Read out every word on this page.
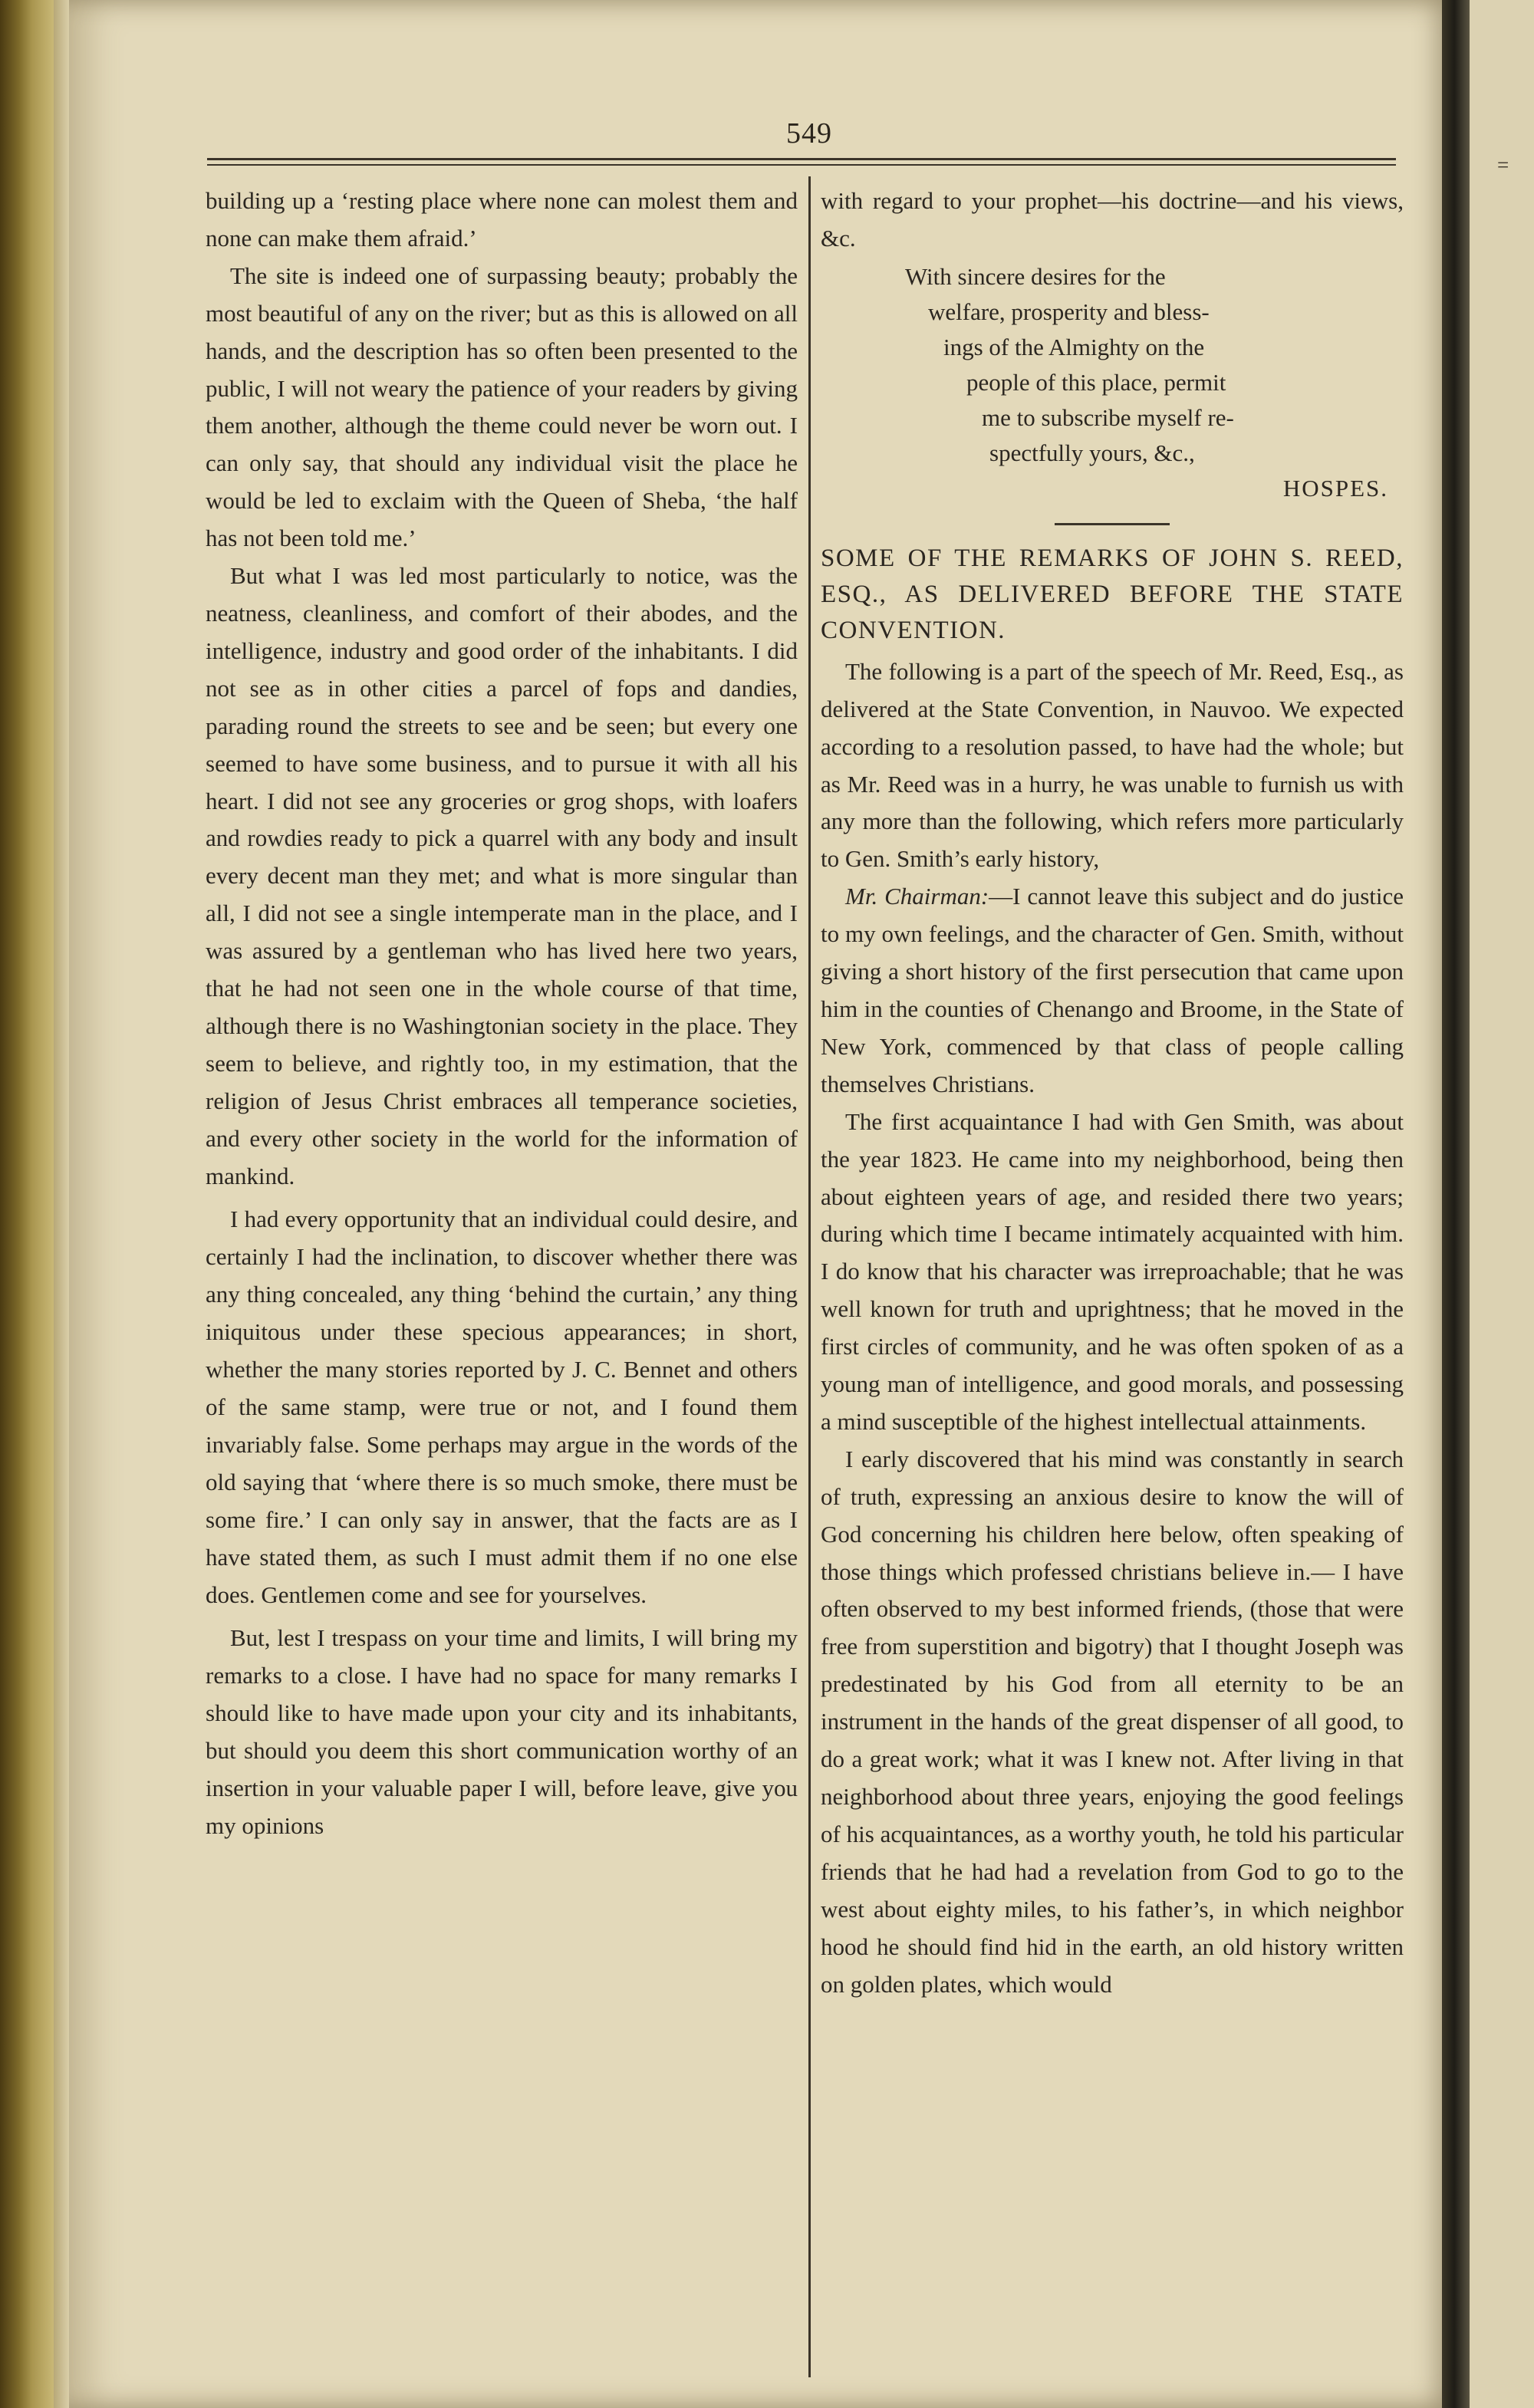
549

building up a ‘resting place where none can molest them and none can make them afraid.’

The site is indeed one of surpassing beauty; probably the most beautiful of any on the river; but as this is allowed on all hands, and the description has so often been presented to the public, I will not weary the patience of your readers by giving them another, although the theme could never be worn out. I can only say, that should any individual visit the place he would be led to exclaim with the Queen of Sheba, ‘the half has not been told me.’

But what I was led most particularly to notice, was the neatness, cleanliness, and comfort of their abodes, and the intelligence, industry and good order of the inhabitants. I did not see as in other cities a parcel of fops and dandies, parading round the streets to see and be seen; but every one seemed to have some business, and to pursue it with all his heart. I did not see any groceries or grog shops, with loafers and rowdies ready to pick a quarrel with any body and insult every decent man they met; and what is more singular than all, I did not see a single intemperate man in the place, and I was assured by a gentleman who has lived here two years, that he had not seen one in the whole course of that time, although there is no Washingtonian society in the place. They seem to believe, and rightly too, in my estimation, that the religion of Jesus Christ embraces all temperance societies, and every other society in the world for the information of mankind.

I had every opportunity that an individual could desire, and certainly I had the inclination, to discover whether there was any thing concealed, any thing ‘behind the curtain,’ any thing iniquitous under these specious appearances; in short, whether the many stories reported by J. C. Bennet and others of the same stamp, were true or not, and I found them invariably false. Some perhaps may argue in the words of the old saying that ‘where there is so much smoke, there must be some fire.’ I can only say in answer, that the facts are as I have stated them, as such I must admit them if no one else does. Gentlemen come and see for yourselves.

But, lest I trespass on your time and limits, I will bring my remarks to a close. I have had no space for many remarks I should like to have made upon your city and its inhabitants, but should you deem this short communication worthy of an insertion in your valuable paper I will, before leave, give you my opinions

with regard to your prophet—his doctrine—and his views, &c.

With sincere desires for the

welfare, prosperity and bless-

ings of the Almighty on the

people of this place, permit

me to subscribe myself re-

spectfully yours, &c.,

HOSPES.

SOME OF THE REMARKS OF JOHN S. REED, ESQ., AS DELIVERED BEFORE THE STATE CONVENTION.

The following is a part of the speech of Mr. Reed, Esq., as delivered at the State Convention, in Nauvoo. We expected according to a resolution passed, to have had the whole; but as Mr. Reed was in a hurry, he was unable to furnish us with any more than the following, which refers more particularly to Gen. Smith’s early history,

Mr. Chairman:—I cannot leave this subject and do justice to my own feelings, and the character of Gen. Smith, without giving a short history of the first persecution that came upon him in the counties of Chenango and Broome, in the State of New York, commenced by that class of people calling themselves Christians.

The first acquaintance I had with Gen Smith, was about the year 1823. He came into my neighborhood, being then about eighteen years of age, and resided there two years; during which time I became intimately acquainted with him. I do know that his character was irreproachable; that he was well known for truth and uprightness; that he moved in the first circles of community, and he was often spoken of as a young man of intelligence, and good morals, and possessing a mind susceptible of the highest intellectual attainments.

I early discovered that his mind was constantly in search of truth, expressing an anxious desire to know the will of God concerning his children here below, often speaking of those things which professed christians believe in.— I have often observed to my best informed friends, (those that were free from superstition and bigotry) that I thought Joseph was predestinated by his God from all eternity to be an instrument in the hands of the great dispenser of all good, to do a great work; what it was I knew not. After living in that neighborhood about three years, enjoying the good feelings of his acquaintances, as a worthy youth, he told his particular friends that he had had a revelation from God to go to the west about eighty miles, to his father’s, in which neighbor hood he should find hid in the earth, an old history written on golden plates, which would

=
